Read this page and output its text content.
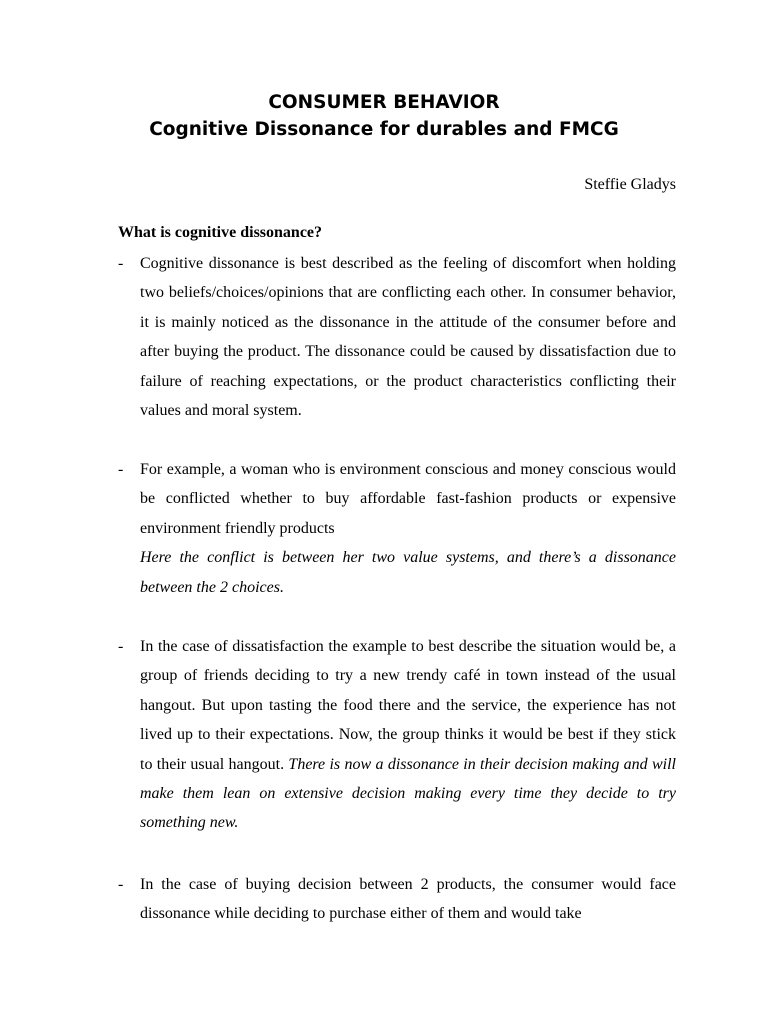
CONSUMER BEHAVIOR
Cognitive Dissonance for durables and FMCG
Steffie Gladys
What is cognitive dissonance?
- Cognitive dissonance is best described as the feeling of discomfort when holding two beliefs/choices/opinions that are conflicting each other. In consumer behavior, it is mainly noticed as the dissonance in the attitude of the consumer before and after buying the product. The dissonance could be caused by dissatisfaction due to failure of reaching expectations, or the product characteristics conflicting their values and moral system.
- For example, a woman who is environment conscious and money conscious would be conflicted whether to buy affordable fast-fashion products or expensive environment friendly products
Here the conflict is between her two value systems, and there’s a dissonance between the 2 choices.
- In the case of dissatisfaction the example to best describe the situation would be, a group of friends deciding to try a new trendy café in town instead of the usual hangout. But upon tasting the food there and the service, the experience has not lived up to their expectations. Now, the group thinks it would be best if they stick to their usual hangout. There is now a dissonance in their decision making and will make them lean on extensive decision making every time they decide to try something new.
- In the case of buying decision between 2 products, the consumer would face dissonance while deciding to purchase either of them and would take
